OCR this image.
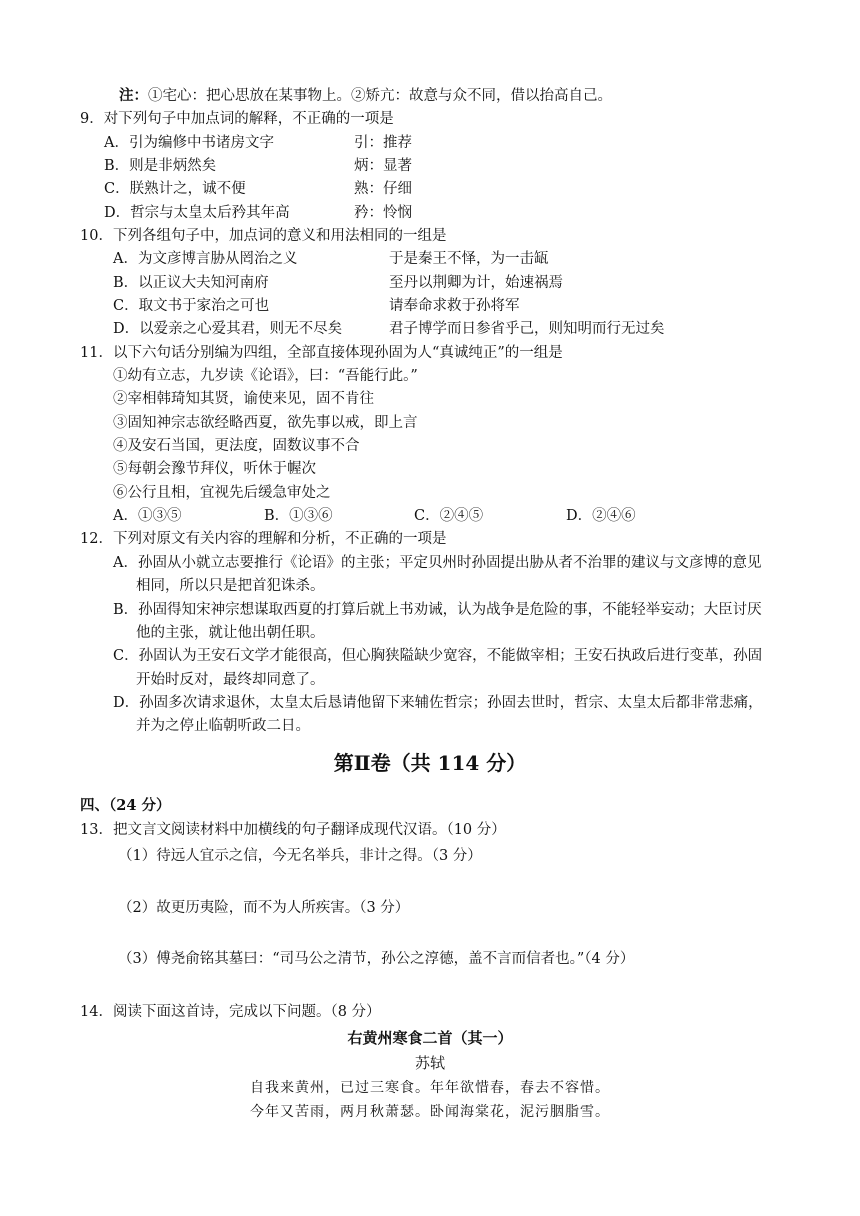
注：①宅心：把心思放在某事物上。②矫亢：故意与众不同，借以抬高自己。
9．对下列句子中加点词的解释，不正确的一项是
A．引为编修中书诸房文字	引：推荐
B．则是非炳然矣	炳：显著
C．朕熟计之，诚不便	熟：仔细
D．哲宗与太皇太后矜其年高	矜：怜悯
10．下列各组句子中，加点词的意义和用法相同的一组是
A．为文彦博言胁从罔治之义	于是秦王不怿，为一击缻
B．以正议大夫知河南府	至丹以荆卿为计，始速祸焉
C．取文书于家治之可也	请奉命求救于孙将军
D．以爱亲之心爱其君，则无不尽矣	君子博学而日参省乎己，则知明而行无过矣
11．以下六句话分别编为四组，全部直接体现孙固为人“真诚纯正”的一组是
①幼有立志，九岁读《论语》，曰：“吾能行此。”
②宰相韩琦知其贤，谕使来见，固不肯往
③固知神宗志欲经略西夏，欲先事以戒，即上言
④及安石当国，更法度，固数议事不合
⑤每朝会豫节拜仪，听休于幄次
⑥公行且相，宜视先后缓急审处之
A．①③⑤	B．①③⑥	C．②④⑤	D．②④⑥
12．下列对原文有关内容的理解和分析，不正确的一项是
A．孙固从小就立志要推行《论语》的主张；平定贝州时孙固提出胁从者不治罪的建议与文彦博的意见
相同，所以只是把首犯诛杀。
B．孙固得知宋神宗想谋取西夏的打算后就上书劝诫，认为战争是危险的事，不能轻举妄动；大臣讨厌
他的主张，就让他出朝任职。
C．孙固认为王安石文学才能很高，但心胸狭隘缺少宽容，不能做宰相；王安石执政后进行变革，孙固
开始时反对，最终却同意了。
D．孙固多次请求退休，太皇太后恳请他留下来辅佐哲宗；孙固去世时，哲宗、太皇太后都非常悲痛，
并为之停止临朝听政二日。
第Ⅱ卷（共 114 分）
四、（24 分）
13．把文言文阅读材料中加横线的句子翻译成现代汉语。（10 分）
（1）待远人宜示之信，今无名举兵，非计之得。（3 分）
（2）故更历夷险，而不为人所疾害。（3 分）
（3）傅尧俞铭其墓曰：“司马公之清节，孙公之淳德，盖不言而信者也。”（4 分）
14．阅读下面这首诗，完成以下问题。（8 分）
右黄州寒食二首（其一）
苏轼
自我来黄州，已过三寒食。年年欲惜春，春去不容惜。
今年又苦雨，两月秋萧瑟。卧闻海棠花，泥污胭脂雪。
